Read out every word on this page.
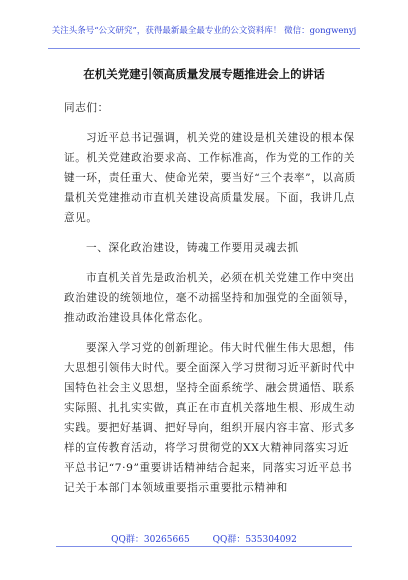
关注头条号“公文研究”，获得最新最全最专业的公文资料库！ 微信：gongwenyj
在机关党建引领高质量发展专题推进会上的讲话

同志们：

习近平总书记强调，机关党的建设是机关建设的根本保证。机关党建政治要求高、工作标准高，作为党的工作的关键一环，责任重大、使命光荣，要当好“三个表率”，以高质量机关党建推动市直机关建设高质量发展。下面，我讲几点意见。

一、深化政治建设，铸魂工作要用灵魂去抓

市直机关首先是政治机关，必须在机关党建工作中突出政治建设的统领地位，毫不动摇坚持和加强党的全面领导，推动政治建设具体化常态化。

要深入学习党的创新理论。伟大时代催生伟大思想，伟大思想引领伟大时代。要全面深入学习贯彻习近平新时代中国特色社会主义思想，坚持全面系统学、融会贯通悟、联系实际照、扎扎实实做，真正在市直机关落地生根、形成生动实践。要把好基调、把好导向，组织开展内容丰富、形式多样的宣传教育活动，将学习贯彻党的XX大精神同落实习近平总书记“7·9”重要讲话精神结合起来，同落实习近平总书记关于本部门本领域重要指示重要批示精神和

QQ群：30265665	QQ群：535304092
